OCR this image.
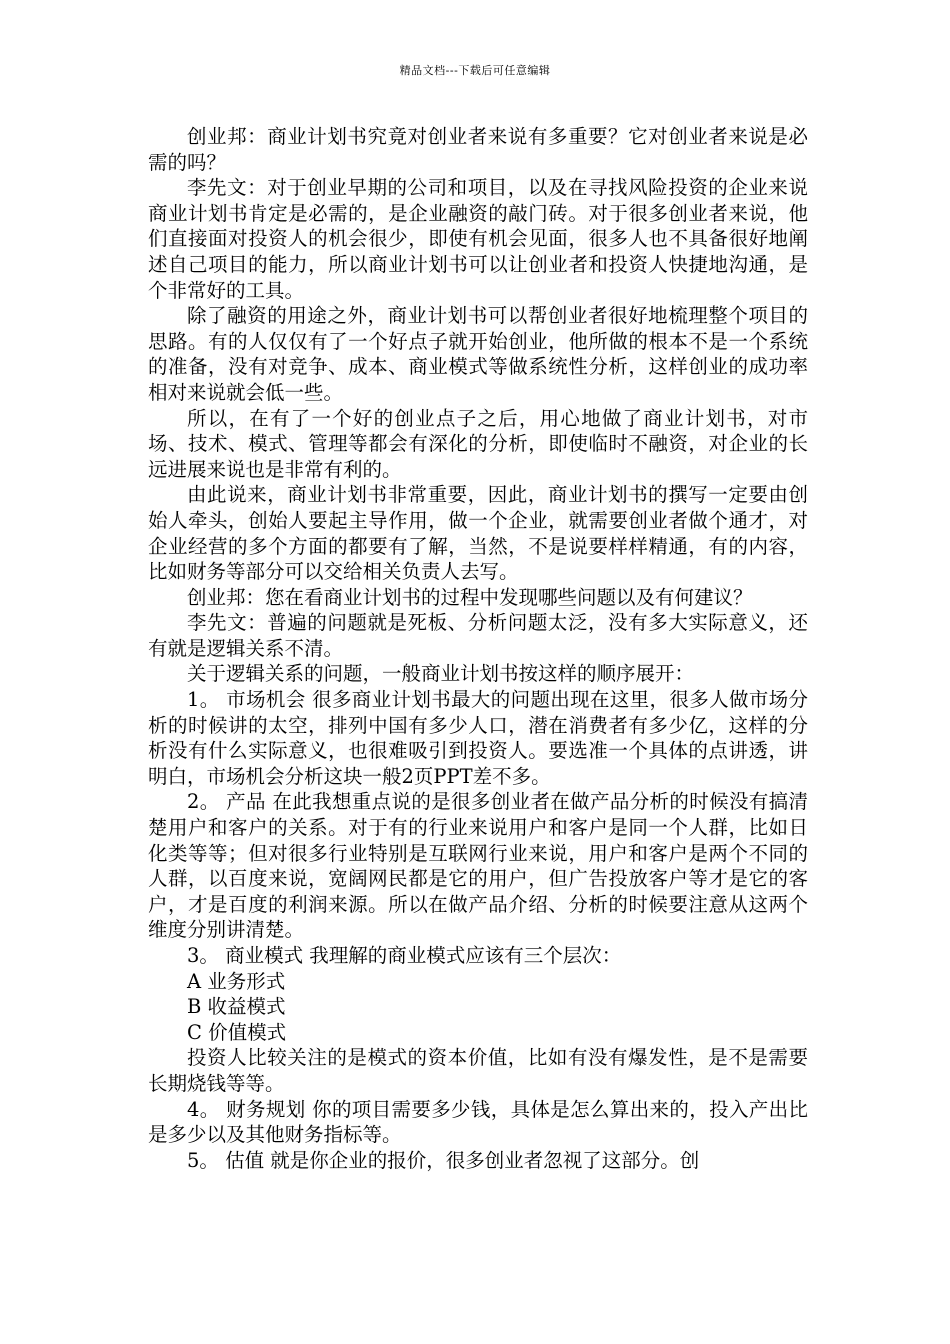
精品文档---下载后可任意编辑

创业邦：商业计划书究竟对创业者来说有多重要？它对创业者来说是必需的吗？

李先文：对于创业早期的公司和项目，以及在寻找风险投资的企业来说商业计划书肯定是必需的，是企业融资的敲门砖。对于很多创业者来说，他们直接面对投资人的机会很少，即使有机会见面，很多人也不具备很好地阐述自己项目的能力，所以商业计划书可以让创业者和投资人快捷地沟通，是个非常好的工具。

除了融资的用途之外，商业计划书可以帮创业者很好地梳理整个项目的思路。有的人仅仅有了一个好点子就开始创业，他所做的根本不是一个系统的准备，没有对竞争、成本、商业模式等做系统性分析，这样创业的成功率相对来说就会低一些。

所以，在有了一个好的创业点子之后，用心地做了商业计划书，对市场、技术、模式、管理等都会有深化的分析，即使临时不融资，对企业的长远进展来说也是非常有利的。

由此说来，商业计划书非常重要，因此，商业计划书的撰写一定要由创始人牵头，创始人要起主导作用，做一个企业，就需要创业者做个通才，对企业经营的多个方面的都要有了解，当然，不是说要样样精通，有的内容，比如财务等部分可以交给相关负责人去写。

创业邦：您在看商业计划书的过程中发现哪些问题以及有何建议？

李先文：普遍的问题就是死板、分析问题太泛，没有多大实际意义，还有就是逻辑关系不清。

关于逻辑关系的问题，一般商业计划书按这样的顺序展开：

1。 市场机会 很多商业计划书最大的问题出现在这里，很多人做市场分析的时候讲的太空，排列中国有多少人口，潜在消费者有多少亿，这样的分析没有什么实际意义，也很难吸引到投资人。要选准一个具体的点讲透，讲明白，市场机会分析这块一般2页PPT差不多。

2。 产品 在此我想重点说的是很多创业者在做产品分析的时候没有搞清楚用户和客户的关系。对于有的行业来说用户和客户是同一个人群，比如日化类等等；但对很多行业特别是互联网行业来说，用户和客户是两个不同的人群，以百度来说，宽阔网民都是它的用户，但广告投放客户等才是它的客户，才是百度的利润来源。所以在做产品介绍、分析的时候要注意从这两个维度分别讲清楚。

3。 商业模式 我理解的商业模式应该有三个层次：

A 业务形式

B 收益模式

C 价值模式

投资人比较关注的是模式的资本价值，比如有没有爆发性，是不是需要长期烧钱等等。

4。 财务规划 你的项目需要多少钱，具体是怎么算出来的，投入产出比是多少以及其他财务指标等。

5。 估值 就是你企业的报价，很多创业者忽视了这部分。创
